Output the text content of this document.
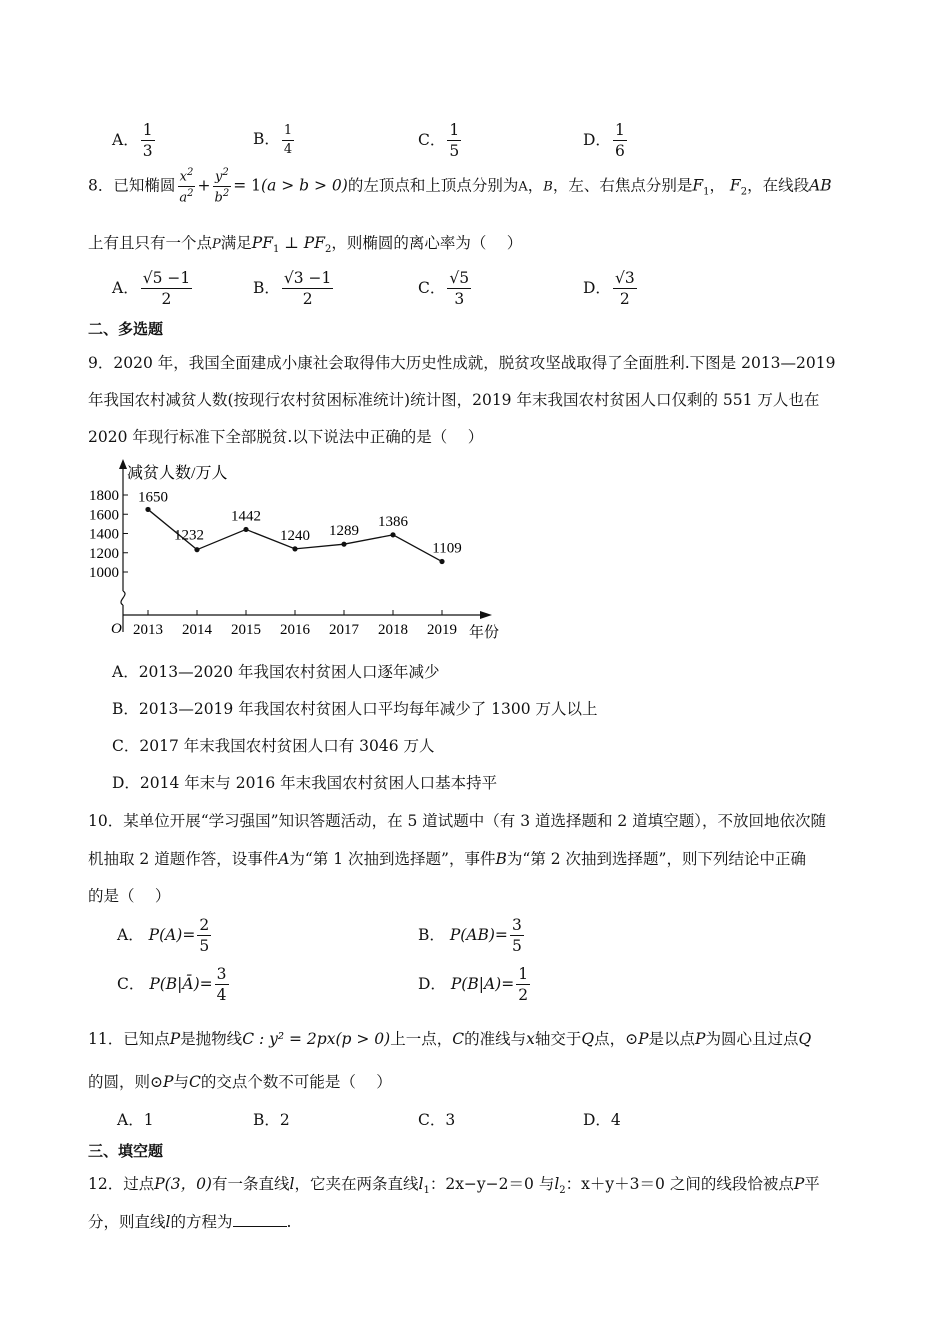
A． $\frac{1}{3}$	B． $\frac{1}{4}$	C． $\frac{1}{5}$	D． $\frac{1}{6}$
8．已知椭圆 $\frac{x^2}{a^2} + \frac{y^2}{b^2} = 1(a > b > 0)$的左顶点和上顶点分别为A，B，左、右焦点分别是$F_1$， $F_2$，在线段AB
上有且只有一个点P满足$PF_1$ ⊥ $PF_2$，则椭圆的离心率为（　 ）
A． $\frac{√5 -1}{2}$	B． $\frac{√3 -1}{2}$	C． $\frac{√5}{3}$	D． $\frac{√3}{2}$
二、多选题
9．2020 年，我国全面建成小康社会取得伟大历史性成就，脱贫攻坚战取得了全面胜利.下图是 2013—2019
年我国农村减贫人数(按现行农村贫困标准统计)统计图，2019 年末我国农村贫困人口仅剩的 551 万人也在
2020 年现行标准下全部脱贫.以下说法中正确的是（　 ）
减贫人数/万人
年份
O
1800
1600
1400
1200
1000
2013 2014 2015 2016 2017 2018 2019
1650
1232
1442
1240 1289
1386
1109
A．2013—2020 年我国农村贫困人口逐年减少
B．2013—2019 年我国农村贫困人口平均每年减少了 1300 万人以上
C．2017 年末我国农村贫困人口有 3046 万人
D．2014 年末与 2016 年末我国农村贫困人口基本持平
10．某单位开展“学习强国”知识答题活动，在 5 道试题中（有 3 道选择题和 2 道填空题），不放回地依次随
机抽取 2 道题作答，设事件A为“第 1 次抽到选择题”，事件B为“第 2 次抽到选择题”，则下列结论中正确
的是（　 ）
A． $P(A)= \frac{2}{5}$	B． $P(AB)= \frac{3}{5}$
C． P(B|Ā)= $\frac{3}{4}$	D． $P(B|A)= \frac{1}{2}$
11．已知点P是抛物线C : y² = 2px(p > 0)上一点，C的准线与x轴交于Q点，⊙P是以点P为圆心且过点Q
的圆，则⊙P与C的交点个数不可能是（　 ）
A．1	B．2	C．3	D．4
三、填空题
12．过点P(3，0)有一条直线l，它夹在两条直线$l_1$：2x−y−2＝0 与$l_2$：x＋y＋3＝0 之间的线段恰被点P平
分，则直线l的方程为	.
